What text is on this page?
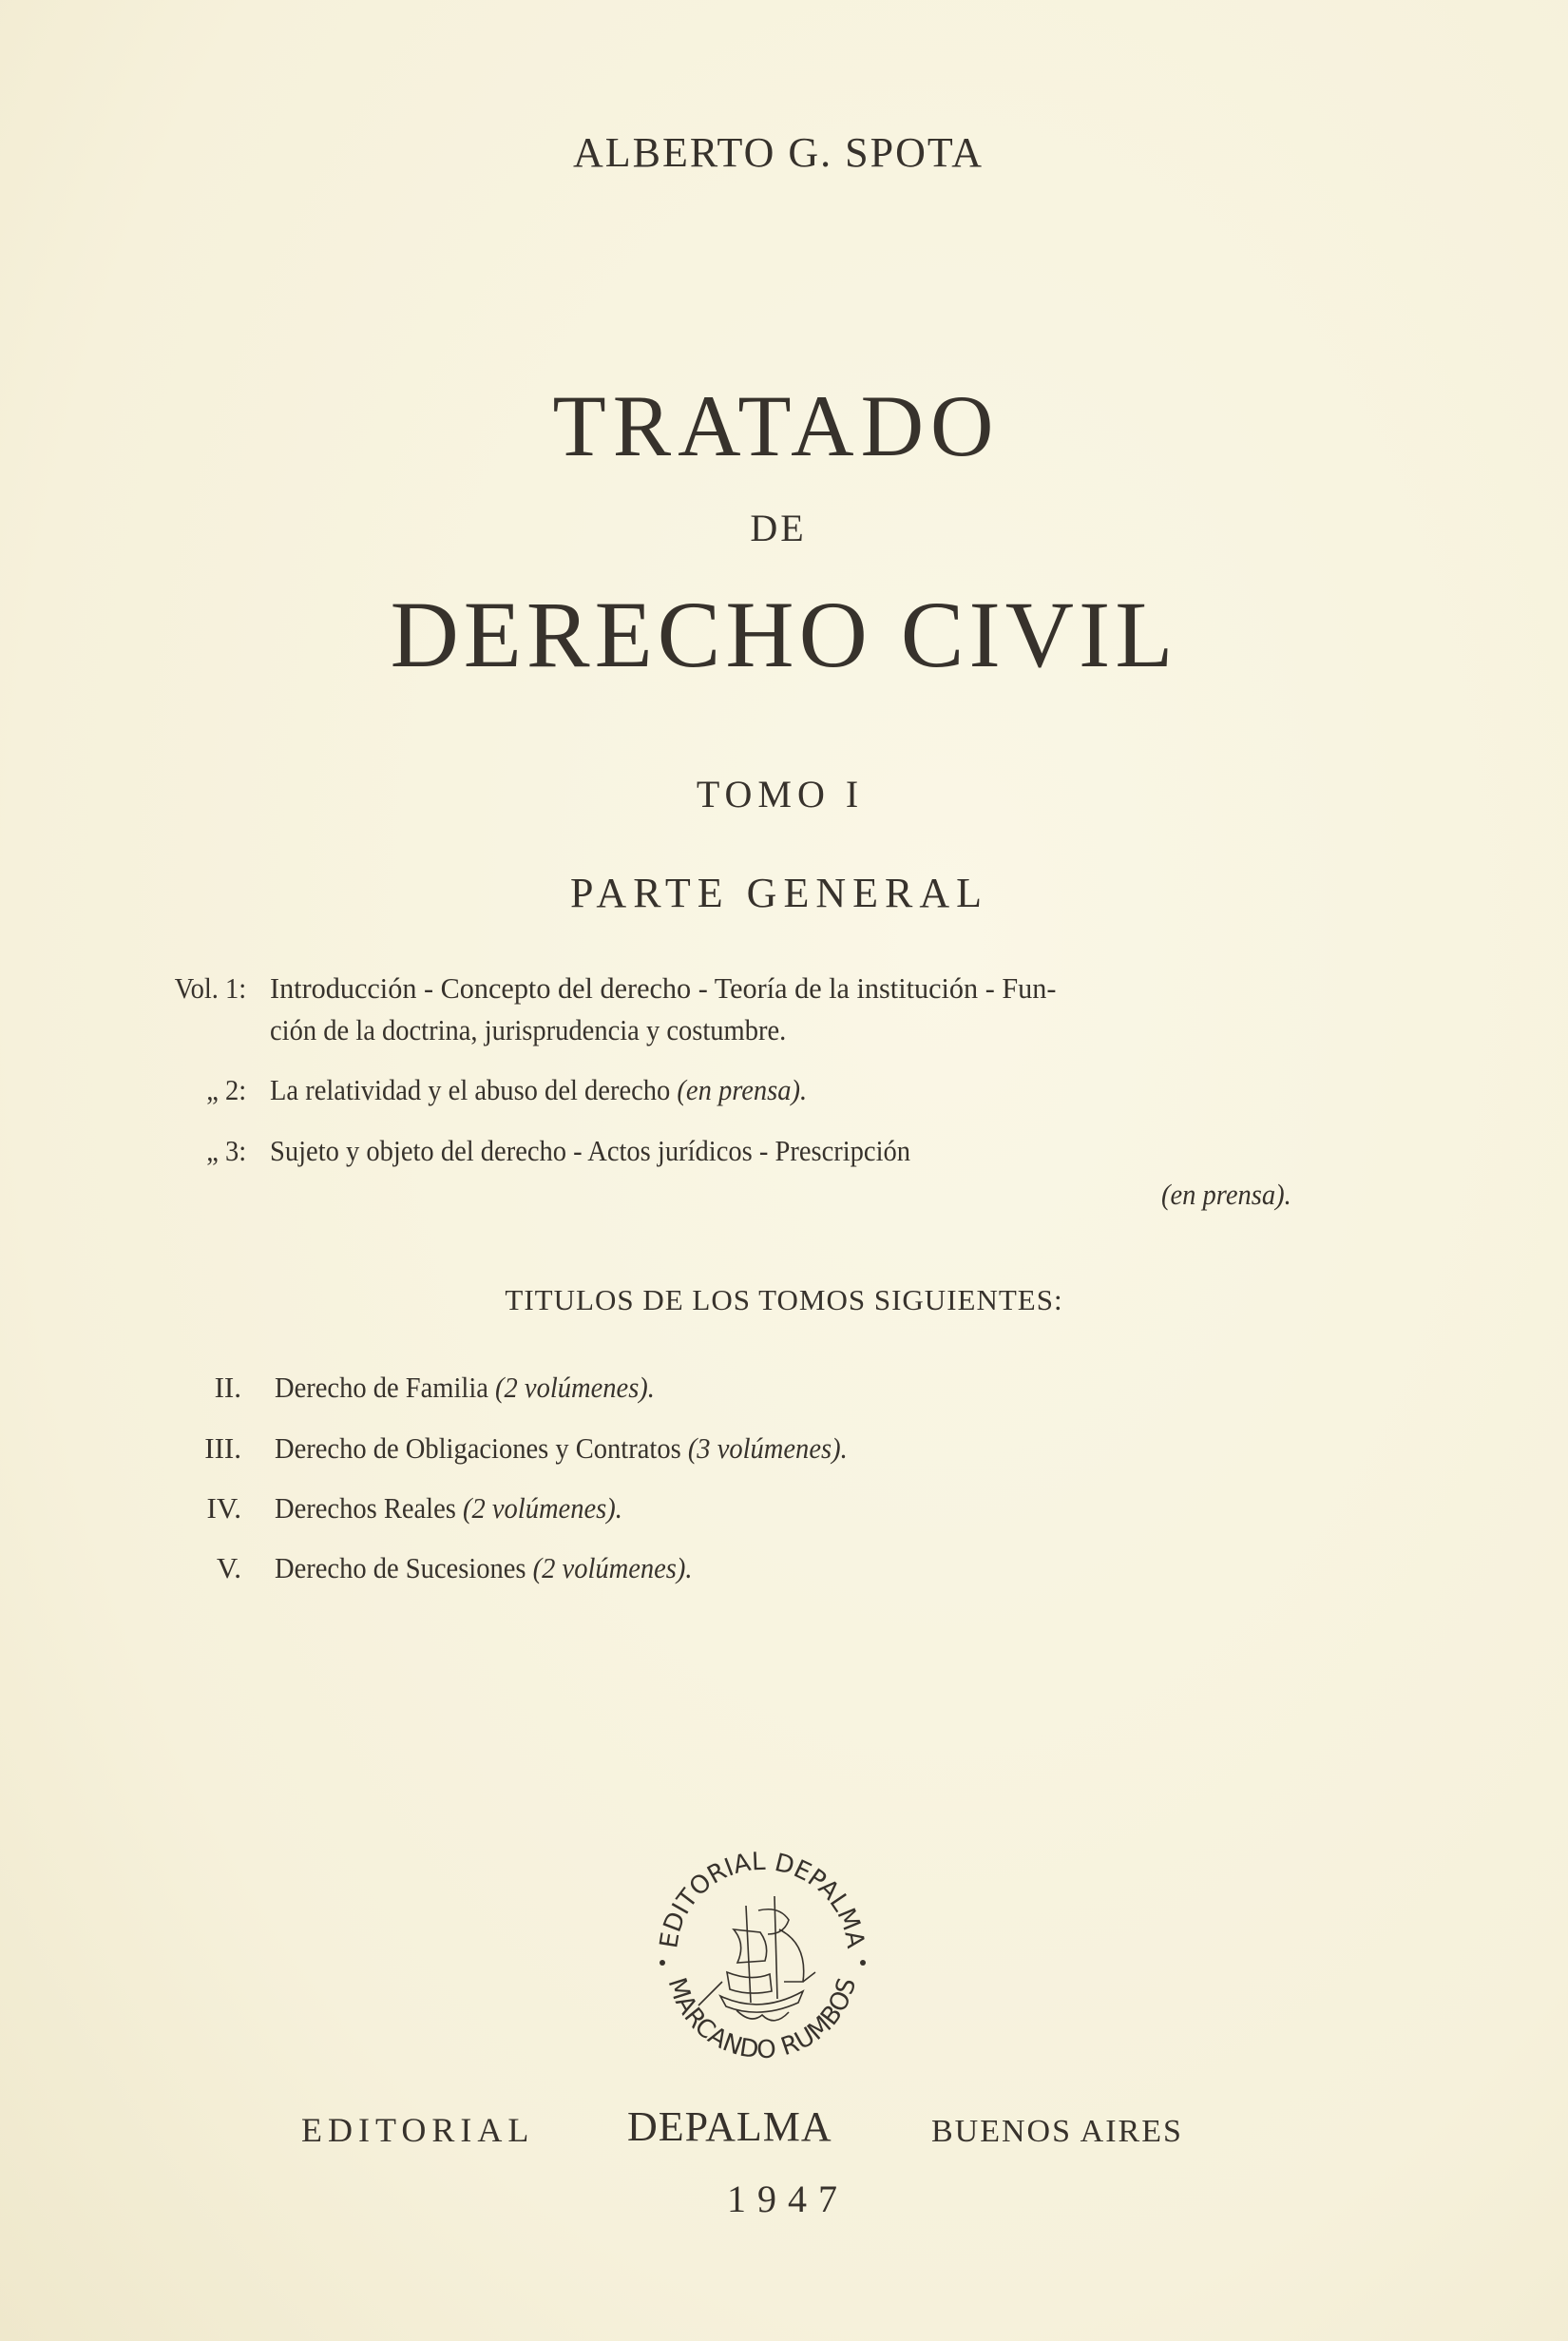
ALBERTO G. SPOTA
TRATADO
DE
DERECHO CIVIL
TOMO I
PARTE GENERAL
Vol. 1: Introducción - Concepto del derecho - Teoría de la institución - Fun-
ción de la doctrina, jurisprudencia y costumbre.
„ 2: La relatividad y el abuso del derecho (en prensa).
„ 3: Sujeto y objeto del derecho - Actos jurídicos - Prescripción
(en prensa).
TITULOS DE LOS TOMOS SIGUIENTES:
II. Derecho de Familia (2 volúmenes).
III. Derecho de Obligaciones y Contratos (3 volúmenes).
IV. Derechos Reales (2 volúmenes).
V. Derecho de Sucesiones (2 volúmenes).
EDITORIAL DEPALMA
MARCANDO RUMBOS
EDITORIAL DEPALMA	BUENOS AIRES
1947
